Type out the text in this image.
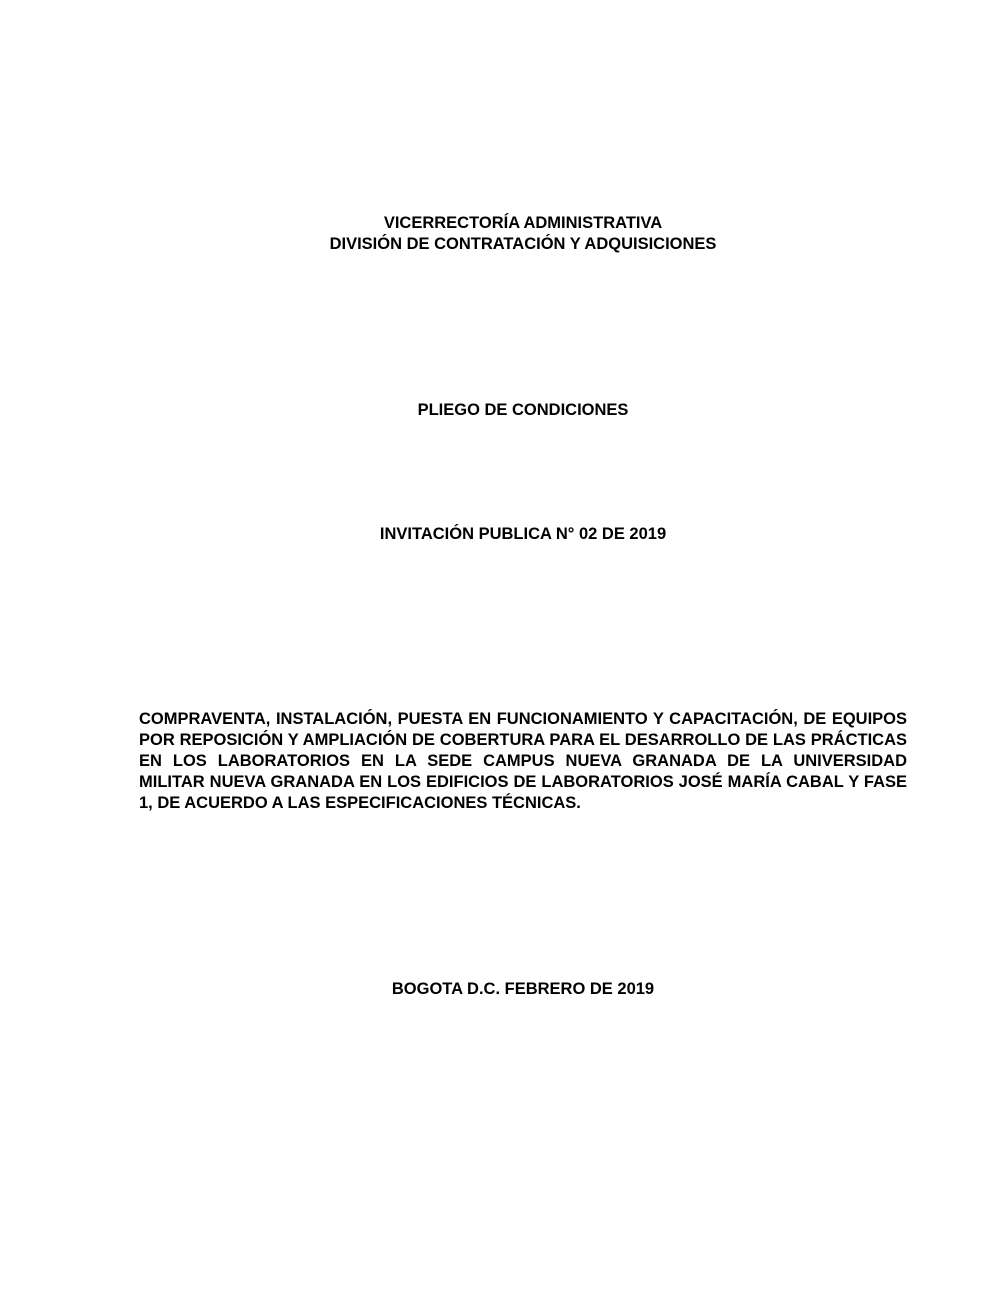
VICERRECTORÍA ADMINISTRATIVA
DIVISIÓN DE CONTRATACIÓN Y ADQUISICIONES

PLIEGO DE CONDICIONES

INVITACIÓN PUBLICA N° 02 DE 2019

COMPRAVENTA, INSTALACIÓN, PUESTA EN FUNCIONAMIENTO Y CAPACITACIÓN, DE EQUIPOS POR REPOSICIÓN Y AMPLIACIÓN DE COBERTURA PARA EL DESARROLLO DE LAS PRÁCTICAS EN LOS LABORATORIOS EN LA SEDE CAMPUS NUEVA GRANADA DE LA UNIVERSIDAD MILITAR NUEVA GRANADA EN LOS EDIFICIOS DE LABORATORIOS JOSÉ MARÍA CABAL Y FASE 1, DE ACUERDO A LAS ESPECIFICACIONES TÉCNICAS.

BOGOTA D.C. FEBRERO DE 2019
